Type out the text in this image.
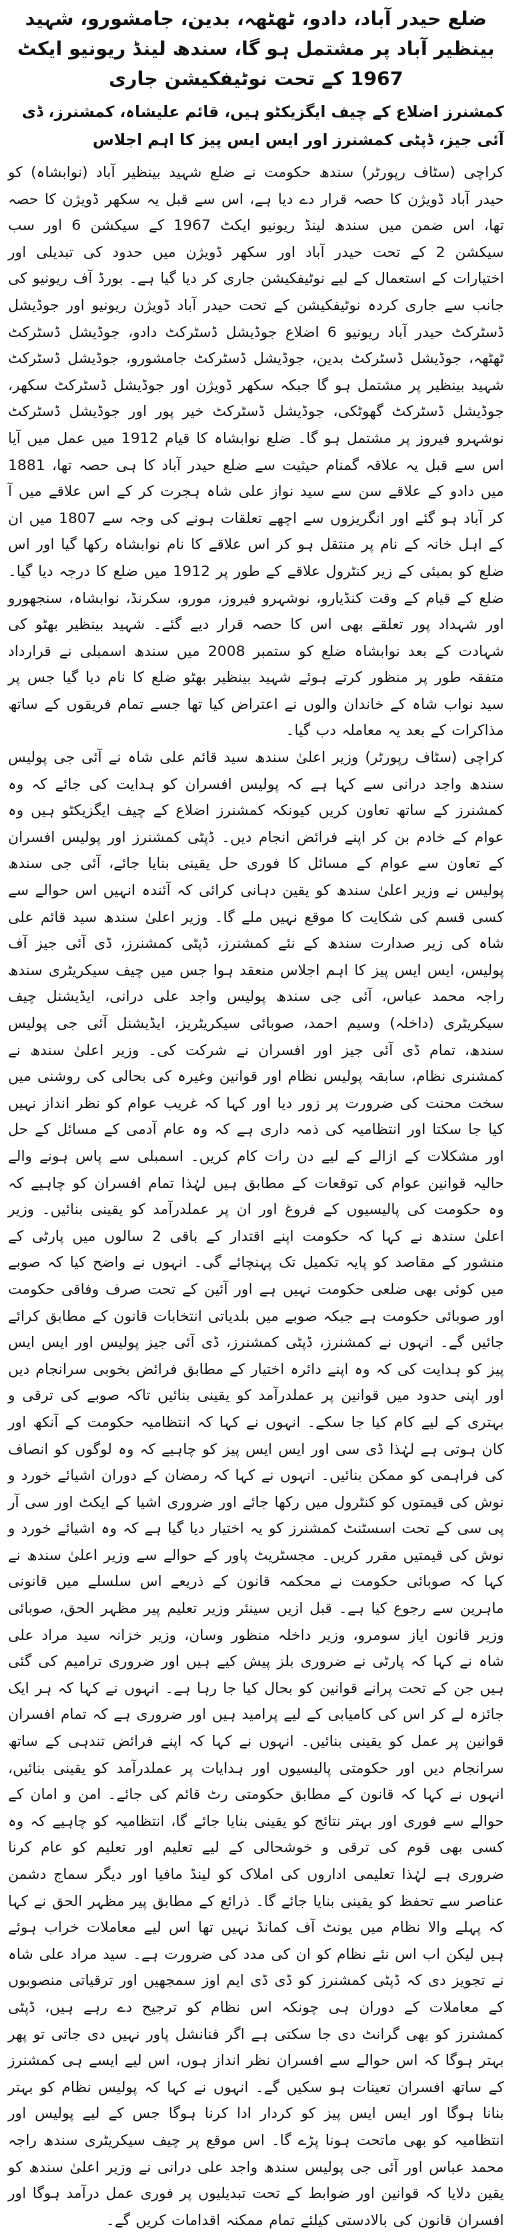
ضلع حیدر آباد، دادو، ٹھٹھہ، بدین، جامشورو، شہید بینظیر آباد پر مشتمل ہو گا، سندھ لینڈ ریونیو ایکٹ 1967 کے تحت نوٹیفکیشن جاری
کمشنرز اضلاع کے چیف ایگزیکٹو ہیں، قائم علیشاہ، کمشنرز، ڈی آئی جیز، ڈپٹی کمشنرز اور ایس ایس پیز کا اہم اجلاس

کراچی (سٹاف رپورٹر) سندھ حکومت نے ضلع شہید بینظیر آباد (نوابشاہ) کو حیدر آباد ڈویژن کا حصہ قرار دے دیا ہے، اس سے قبل یہ سکھر ڈویژن کا حصہ تھا، اس ضمن میں سندھ لینڈ ریونیو ایکٹ 1967 کے سیکشن 6 اور سب سیکشن 2 کے تحت حیدر آباد اور سکھر ڈویژن میں حدود کی تبدیلی اور اختیارات کے استعمال کے لیے نوٹیفکیشن جاری کر دیا گیا ہے۔ بورڈ آف ریونیو کی جانب سے جاری کردہ نوٹیفکیشن کے تحت حیدر آباد ڈویژن ریونیو اور جوڈیشل ڈسٹرکٹ حیدر آباد ریونیو 6 اضلاع جوڈیشل ڈسٹرکٹ دادو، جوڈیشل ڈسٹرکٹ ٹھٹھہ، جوڈیشل ڈسٹرکٹ بدین، جوڈیشل ڈسٹرکٹ جامشورو، جوڈیشل ڈسٹرکٹ شہید بینظیر پر مشتمل ہو گا جبکہ سکھر ڈویژن اور جوڈیشل ڈسٹرکٹ سکھر، جوڈیشل ڈسٹرکٹ گھوٹکی، جوڈیشل ڈسٹرکٹ خیر پور اور جوڈیشل ڈسٹرکٹ نوشہرو فیروز پر مشتمل ہو گا۔ ضلع نوابشاہ کا قیام 1912 میں عمل میں آیا اس سے قبل یہ علاقہ گمنام حیثیت سے ضلع حیدر آباد کا ہی حصہ تھا، 1881 میں دادو کے علاقے سن سے سید نواز علی شاہ ہجرت کر کے اس علاقے میں آ کر آباد ہو گئے اور انگریزوں سے اچھے تعلقات ہونے کی وجہ سے 1807 میں ان کے اہل خانہ کے نام پر منتقل ہو کر اس علاقے کا نام نوابشاہ رکھا گیا اور اس ضلع کو بمبئی کے زیر کنٹرول علاقے کے طور پر 1912 میں ضلع کا درجہ دیا گیا۔ ضلع کے قیام کے وقت کنڈیارو، نوشہرو فیروز، مورو، سکرنڈ، نوابشاہ، سنجھورو اور شہداد پور تعلقے بھی اس کا حصہ قرار دیے گئے۔ شہید بینظیر بھٹو کی شہادت کے بعد نوابشاہ ضلع کو ستمبر 2008 میں سندھ اسمبلی نے قرارداد متفقہ طور پر منظور کرتے ہوئے شہید بینظیر بھٹو ضلع کا نام دیا گیا جس پر سید نواب شاہ کے خاندان والوں نے اعتراض کیا تھا جسے تمام فریقوں کے ساتھ مذاکرات کے بعد یہ معاملہ دب گیا۔

کراچی (سٹاف رپورٹر) وزیر اعلیٰ سندھ سید قائم علی شاہ نے آئی جی پولیس سندھ واجد درانی سے کہا ہے کہ پولیس افسران کو ہدایت کی جائے کہ وہ کمشنرز کے ساتھ تعاون کریں کیونکہ کمشنرز اضلاع کے چیف ایگزیکٹو ہیں وہ عوام کے خادم بن کر اپنے فرائض انجام دیں۔ ڈپٹی کمشنرز اور پولیس افسران کے تعاون سے عوام کے مسائل کا فوری حل یقینی بنایا جائے، آئی جی سندھ پولیس نے وزیر اعلیٰ سندھ کو یقین دہانی کرائی کہ آئندہ انہیں اس حوالے سے کسی قسم کی شکایت کا موقع نہیں ملے گا۔ وزیر اعلیٰ سندھ سید قائم علی شاہ کی زیر صدارت سندھ کے نئے کمشنرز، ڈپٹی کمشنرز، ڈی آئی جیز آف پولیس، ایس ایس پیز کا اہم اجلاس منعقد ہوا جس میں چیف سیکریٹری سندھ راجہ محمد عباس، آئی جی سندھ پولیس واجد علی درانی، ایڈیشنل چیف سیکریٹری (داخلہ) وسیم احمد، صوبائی سیکریٹریز، ایڈیشنل آئی جی پولیس سندھ، تمام ڈی آئی جیز اور افسران نے شرکت کی۔ وزیر اعلیٰ سندھ نے کمشنری نظام، سابقہ پولیس نظام اور قوانین وغیرہ کی بحالی کی روشنی میں سخت محنت کی ضرورت پر زور دیا اور کہا کہ غریب عوام کو نظر انداز نہیں کیا جا سکتا اور انتظامیہ کی ذمہ داری ہے کہ وہ عام آدمی کے مسائل کے حل اور مشکلات کے ازالے کے لیے دن رات کام کریں۔ اسمبلی سے پاس ہونے والے حالیہ قوانین عوام کی توقعات کے مطابق ہیں لہٰذا تمام افسران کو چاہیے کہ وہ حکومت کی پالیسیوں کے فروغ اور ان پر عملدرآمد کو یقینی بنائیں۔ وزیر اعلیٰ سندھ نے کہا کہ حکومت اپنے اقتدار کے باقی 2 سالوں میں پارٹی کے منشور کے مقاصد کو پایہ تکمیل تک پہنچائے گی۔ انہوں نے واضح کیا کہ صوبے میں کوئی بھی ضلعی حکومت نہیں ہے اور آئین کے تحت صرف وفاقی حکومت اور صوبائی حکومت ہے جبکہ صوبے میں بلدیاتی انتخابات قانون کے مطابق کرائے جائیں گے۔ انہوں نے کمشنرز، ڈپٹی کمشنرز، ڈی آئی جیز پولیس اور ایس ایس پیز کو ہدایت کی کہ وہ اپنے دائرہ اختیار کے مطابق فرائض بخوبی سرانجام دیں اور اپنی حدود میں قوانین پر عملدرآمد کو یقینی بنائیں تاکہ صوبے کی ترقی و بہتری کے لیے کام کیا جا سکے۔ انہوں نے کہا کہ انتظامیہ حکومت کے آنکھ اور کان ہوتی ہے لہٰذا ڈی سی اور ایس ایس پیز کو چاہیے کہ وہ لوگوں کو انصاف کی فراہمی کو ممکن بنائیں۔ انہوں نے کہا کہ رمضان کے دوران اشیائے خورد و نوش کی قیمتوں کو کنٹرول میں رکھا جائے اور ضروری اشیا کے ایکٹ اور سی آر پی سی کے تحت اسسٹنٹ کمشنرز کو یہ اختیار دیا گیا ہے کہ وہ اشیائے خورد و نوش کی قیمتیں مقرر کریں۔ مجسٹریٹ پاور کے حوالے سے وزیر اعلیٰ سندھ نے کہا کہ صوبائی حکومت نے محکمہ قانون کے ذریعے اس سلسلے میں قانونی ماہرین سے رجوع کیا ہے۔ قبل ازیں سینئر وزیر تعلیم پیر مظہر الحق، صوبائی وزیر قانون ایاز سومرو، وزیر داخلہ منظور وسان، وزیر خزانہ سید مراد علی شاہ نے کہا کہ پارٹی نے ضروری بلز پیش کیے ہیں اور ضروری ترامیم کی گئی ہیں جن کے تحت پرانے قوانین کو بحال کیا جا رہا ہے۔ انہوں نے کہا کہ ہر ایک جائزہ لے کر اس کی کامیابی کے لیے پرامید ہیں اور ضروری ہے کہ تمام افسران قوانین پر عمل کو یقینی بنائیں۔ انہوں نے کہا کہ اپنے فرائض تندہی کے ساتھ سرانجام دیں اور حکومتی پالیسیوں اور ہدایات پر عملدرآمد کو یقینی بنائیں، انہوں نے کہا کہ قانون کے مطابق حکومتی رٹ قائم کی جائے۔ امن و امان کے حوالے سے فوری اور بہتر نتائج کو یقینی بنایا جائے گا، انتظامیہ کو چاہیے کہ وہ کسی بھی قوم کی ترقی و خوشحالی کے لیے تعلیم اور تعلیم کو عام کرنا ضروری ہے لہٰذا تعلیمی اداروں کی املاک کو لینڈ مافیا اور دیگر سماج دشمن عناصر سے تحفظ کو یقینی بنایا جائے گا۔ ذرائع کے مطابق پیر مظہر الحق نے کہا کہ پہلے والا نظام میں یونٹ آف کمانڈ نہیں تھا اس لیے معاملات خراب ہوئے ہیں لیکن اب اس نئے نظام کو ان کی مدد کی ضرورت ہے۔ سید مراد علی شاہ نے تجویز دی کہ ڈپٹی کمشنرز کو ڈی ڈی ایم اوز سمجھیں اور ترقیاتی منصوبوں کے معاملات کے دوران ہی چونکہ اس نظام کو ترجیح دے رہے ہیں، ڈپٹی کمشنرز کو بھی گرانٹ دی جا سکتی ہے اگر فنانشل پاور نہیں دی جاتی تو پھر بہتر ہوگا کہ اس حوالے سے افسران نظر انداز ہوں، اس لیے ایسے ہی کمشنرز کے ساتھ افسران تعینات ہو سکیں گے۔ انہوں نے کہا کہ پولیس نظام کو بہتر بنانا ہوگا اور ایس ایس پیز کو کردار ادا کرنا ہوگا جس کے لیے پولیس اور انتظامیہ کو بھی ماتحت ہونا پڑے گا۔ اس موقع پر چیف سیکریٹری سندھ راجہ محمد عباس اور آئی جی پولیس سندھ واجد علی درانی نے وزیر اعلیٰ سندھ کو یقین دلایا کہ قوانین اور ضوابط کے تحت تبدیلیوں پر فوری عمل درآمد ہوگا اور افسران قانون کی بالادستی کیلئے تمام ممکنہ اقدامات کریں گے۔
